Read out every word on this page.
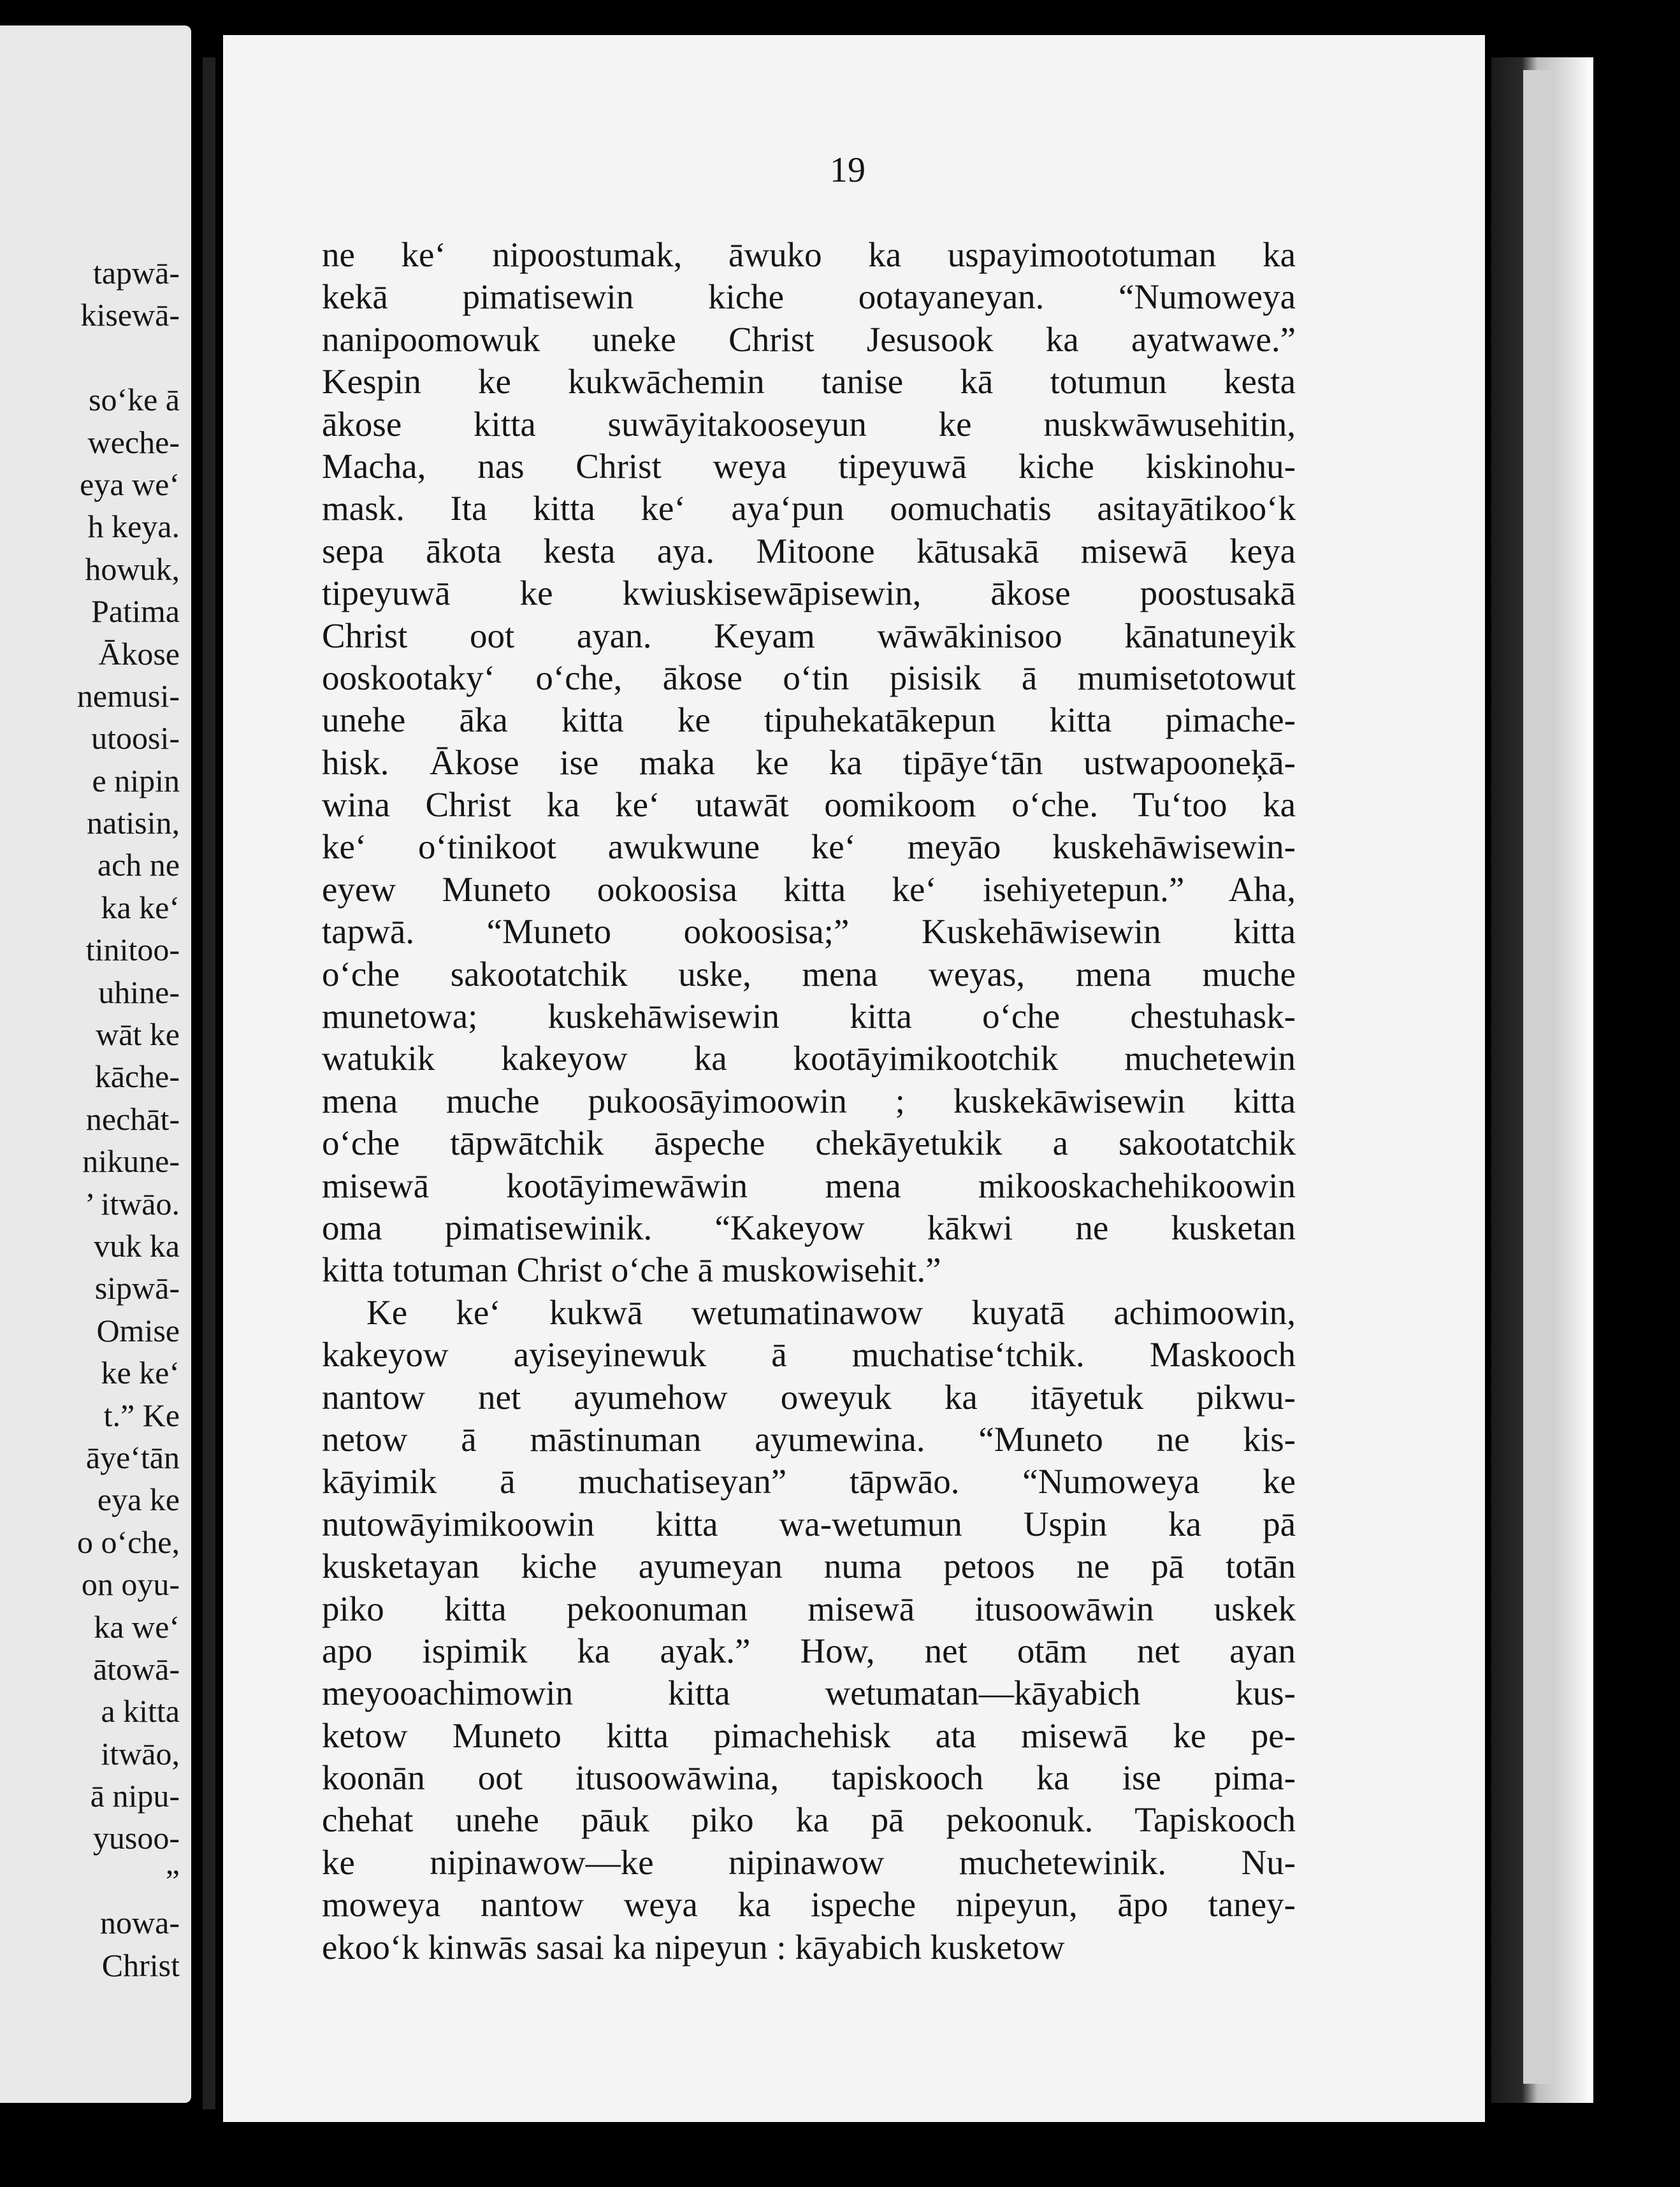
tapwā-
kisewā-
so‘ke ā
weche-
eya we‘
h keya.
howuk,
Patima
Ākose
nemusi-
utoosi-
e nipin
natisin,
ach ne
ka ke‘
tinitoo-
uhine-
wāt ke
kāche-
nechāt-
nikune-
’ itwāo.
vuk ka
sipwā-
Omise
ke ke‘
t.” Ke
āye‘tān
eya ke
o o‘che,
on oyu-
ka we‘
ātowā-
a kitta
itwāo,
ā nipu-
yusoo-
”
nowa-
Christ
19
ne ke‘ nipoostumak, āwuko ka uspayimoototuman ka
kekā pimatisewin kiche ootayaneyan. “Numoweya
nanipoomowuk uneke Christ Jesusook ka ayatwawe.”
Kespin ke kukwāchemin tanise kā totumun kesta
ākose kitta suwāyitakooseyun ke nuskwāwusehitin,
Macha, nas Christ weya tipeyuwā kiche kiskinohu-
mask. Ita kitta ke‘ aya‘pun oomuchatis asitayātikoo‘k
sepa ākota kesta aya. Mitoone kātusakā misewā keya
tipeyuwā ke kwiuskisewāpisewin, ākose poostusakā
Christ oot ayan. Keyam wāwākinisoo kānatuneyik
ooskootaky‘ o‘che, ākose o‘tin pisisik ā mumisetotowut
unehe āka kitta ke tipuhekatākepun kitta pimache-
hisk. Ākose ise maka ke ka tipāye‘tān ustwapooneķā-
wina Christ ka ke‘ utawāt oomikoom o‘che. Tu‘too ka
ke‘ o‘tinikoot awukwune ke‘ meyāo kuskehāwisewin-
eyew Muneto ookoosisa kitta ke‘ isehiyetepun.” Aha,
tapwā. “Muneto ookoosisa;” Kuskehāwisewin kitta
o‘che sakootatchik uske, mena weyas, mena muche
munetowa; kuskehāwisewin kitta o‘che chestuhask-
watukik kakeyow ka kootāyimikootchik muchetewin
mena muche pukoosāyimoowin ; kuskekāwisewin kitta
o‘che tāpwātchik āspeche chekāyetukik a sakootatchik
misewā kootāyimewāwin mena mikooskachehikoowin
oma pimatisewinik. “Kakeyow kākwi ne kusketan
kitta totuman Christ o‘che ā muskowisehit.”
Ke ke‘ kukwā wetumatinawow kuyatā achimoowin,
kakeyow ayiseyinewuk ā muchatise‘tchik. Maskooch
nantow net ayumehow oweyuk ka itāyetuk pikwu-
netow ā māstinuman ayumewina. “Muneto ne kis-
kāyimik ā muchatiseyan” tāpwāo. “Numoweya ke
nutowāyimikoowin kitta wa-wetumun Uspin ka pā
kusketayan kiche ayumeyan numa petoos ne pā totān
piko kitta pekoonuman misewā itusoowāwin uskek
apo ispimik ka ayak.” How, net otām net ayan
meyooachimowin kitta wetumatan—kāyabich kus-
ketow Muneto kitta pimachehisk ata misewā ke pe-
koonān oot itusoowāwina, tapiskooch ka ise pima-
chehat unehe pāuk piko ka pā pekoonuk. Tapiskooch
ke nipinawow—ke nipinawow muchetewinik. Nu-
moweya nantow weya ka ispeche nipeyun, āpo taney-
ekoo‘k kinwās sasai ka nipeyun : kāyabich kusketow
